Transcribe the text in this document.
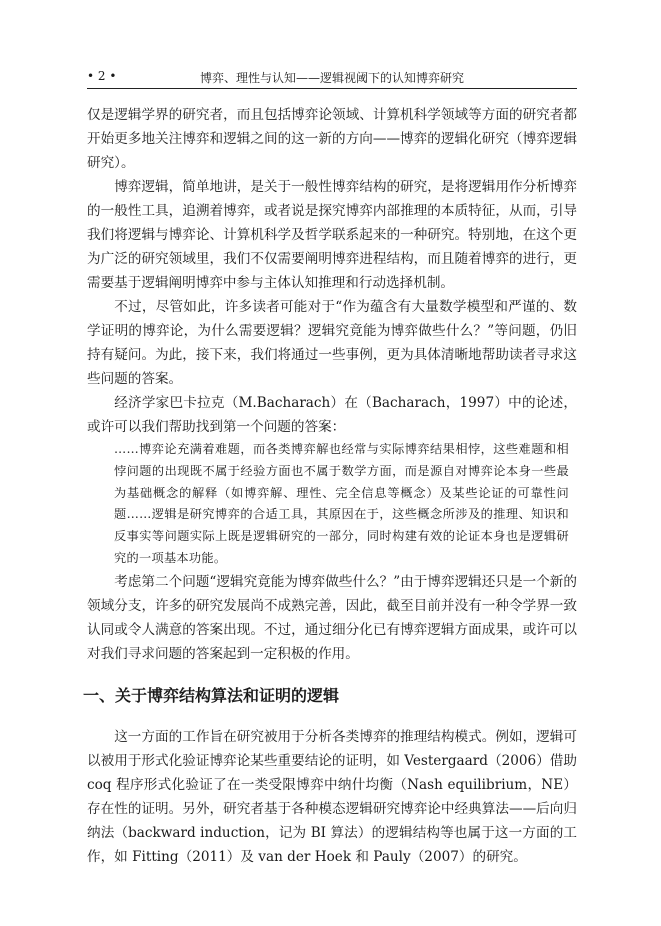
• 2 •	博弈、理性与认知——逻辑视阈下的认知博弈研究

仅是逻辑学界的研究者，而且包括博弈论领域、计算机科学领域等方面的研究者都开始更多地关注博弈和逻辑之间的这一新的方向——博弈的逻辑化研究（博弈逻辑研究）。

博弈逻辑，简单地讲，是关于一般性博弈结构的研究，是将逻辑用作分析博弈的一般性工具，追溯着博弈，或者说是探究博弈内部推理的本质特征，从而，引导我们将逻辑与博弈论、计算机科学及哲学联系起来的一种研究。特别地，在这个更为广泛的研究领域里，我们不仅需要阐明博弈进程结构，而且随着博弈的进行，更需要基于逻辑阐明博弈中参与主体认知推理和行动选择机制。

不过，尽管如此，许多读者可能对于“作为蕴含有大量数学模型和严谨的、数学证明的博弈论，为什么需要逻辑？逻辑究竟能为博弈做些什么？”等问题，仍旧持有疑问。为此，接下来，我们将通过一些事例，更为具体清晰地帮助读者寻求这些问题的答案。

经济学家巴卡拉克（M.Bacharach）在（Bacharach，1997）中的论述，或许可以我们帮助找到第一个问题的答案：

……博弈论充满着难题，而各类博弈解也经常与实际博弈结果相悖，这些难题和相悖问题的出现既不属于经验方面也不属于数学方面，而是源自对博弈论本身一些最为基础概念的解释（如博弈解、理性、完全信息等概念）及某些论证的可靠性问题……逻辑是研究博弈的合适工具，其原因在于，这些概念所涉及的推理、知识和反事实等问题实际上既是逻辑研究的一部分，同时构建有效的论证本身也是逻辑研究的一项基本功能。

考虑第二个问题“逻辑究竟能为博弈做些什么？”由于博弈逻辑还只是一个新的领域分支，许多的研究发展尚不成熟完善，因此，截至目前并没有一种令学界一致认同或令人满意的答案出现。不过，通过细分化已有博弈逻辑方面成果，或许可以对我们寻求问题的答案起到一定积极的作用。

一、关于博弈结构算法和证明的逻辑

这一方面的工作旨在研究被用于分析各类博弈的推理结构模式。例如，逻辑可以被用于形式化验证博弈论某些重要结论的证明，如 Vestergaard（2006）借助 coq 程序形式化验证了在一类受限博弈中纳什均衡（Nash equilibrium，NE）存在性的证明。另外，研究者基于各种模态逻辑研究博弈论中经典算法——后向归纳法（backward induction，记为 BI 算法）的逻辑结构等也属于这一方面的工作，如 Fitting（2011）及 van der Hoek 和 Pauly（2007）的研究。
